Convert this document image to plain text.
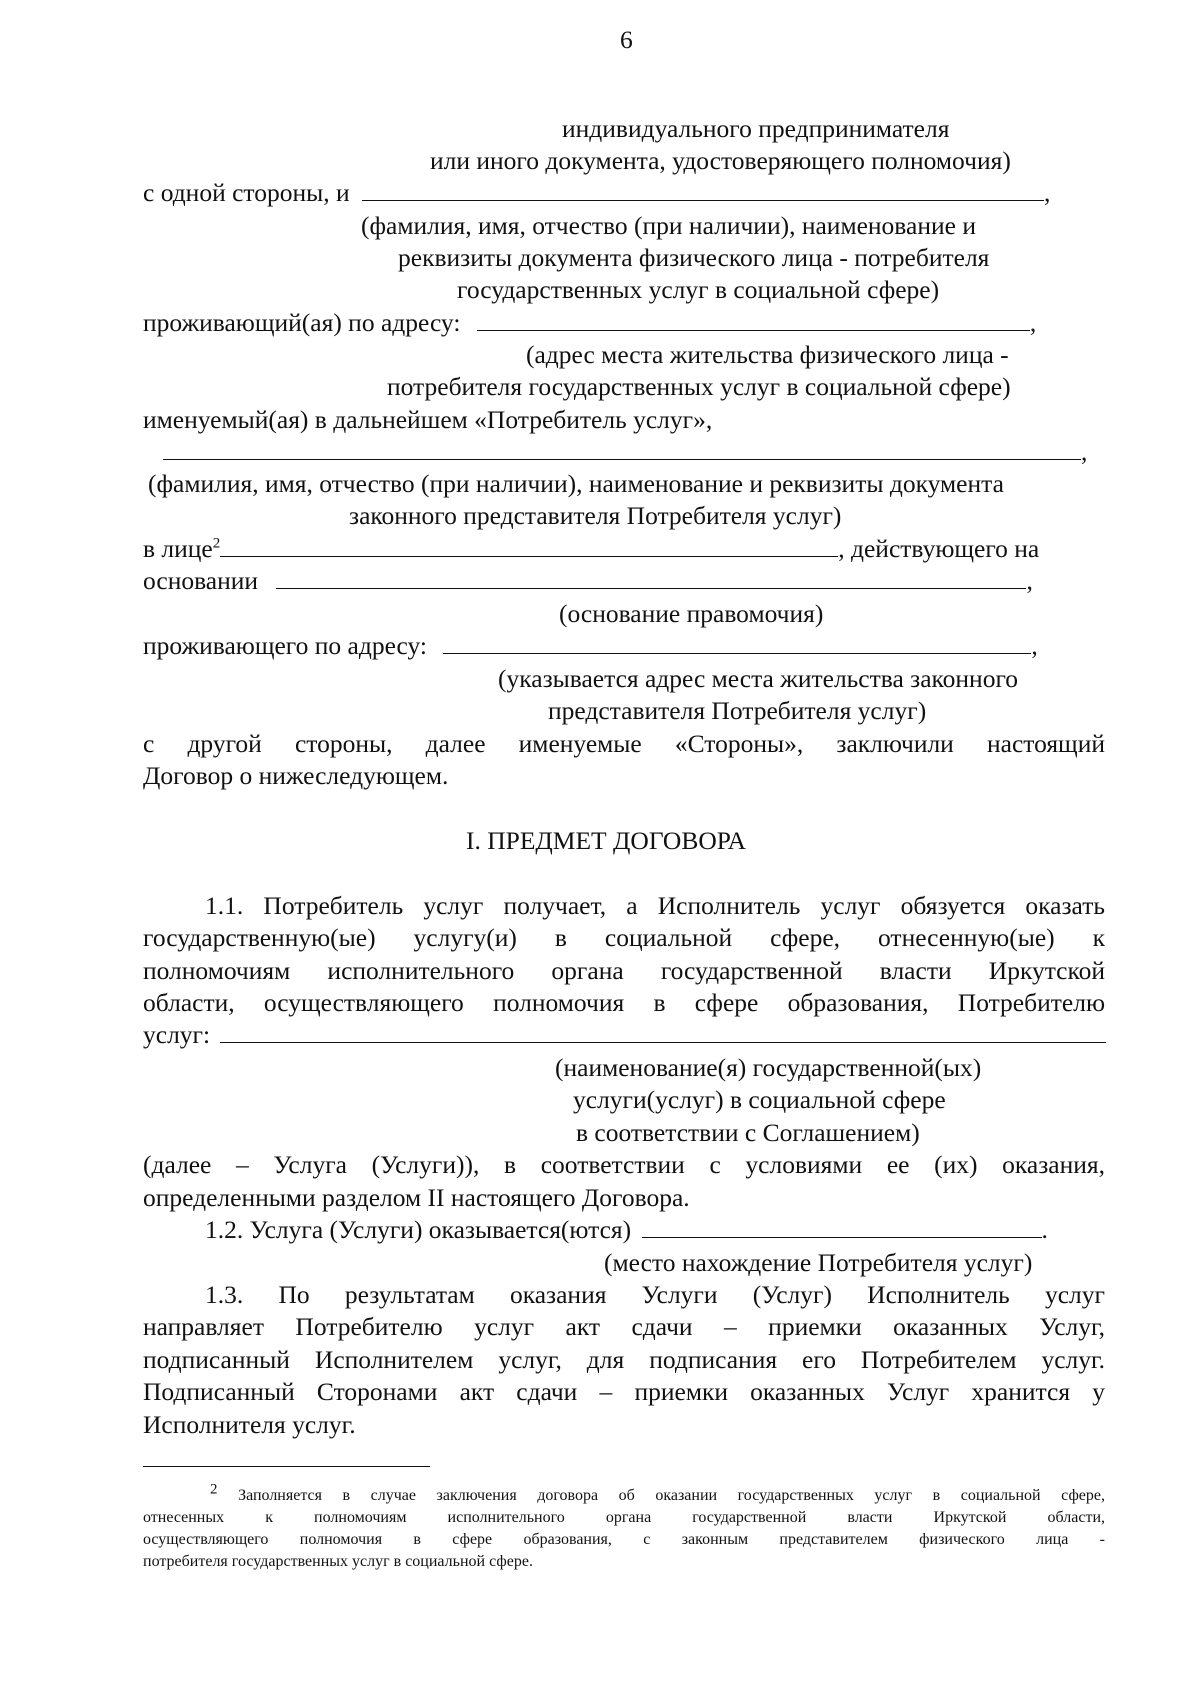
6
индивидуального предпринимателя
или иного документа, удостоверяющего полномочия)
с одной стороны, и	,
(фамилия, имя, отчество (при наличии), наименование и
реквизиты документа физического лица - потребителя
государственных услуг в социальной сфере)
проживающий(ая) по адресу:	,
(адрес места жительства физического лица -
потребителя государственных услуг в социальной сфере)
именуемый(ая) в дальнейшем «Потребитель услуг»,
,
(фамилия, имя, отчество (при наличии), наименование и реквизиты документа
законного представителя Потребителя услуг)
в лице$^2$	, действующего на
основании	,
(основание правомочия)
проживающего по адресу:	,
(указывается адрес места жительства законного
представителя Потребителя услуг)
с другой стороны, далее именуемые «Стороны», заключили настоящий
Договор о нижеследующем.
I. ПРЕДМЕТ ДОГОВОРА
1.1. Потребитель услуг получает, а Исполнитель услуг обязуется оказать
государственную(ые) услугу(и) в социальной сфере, отнесенную(ые) к
полномочиям исполнительного органа государственной власти Иркутской
области, осуществляющего полномочия в сфере образования, Потребителю
услуг:
(наименование(я) государственной(ых)
услуги(услуг) в социальной сфере
в соответствии с Соглашением)
(далее – Услуга (Услуги)), в соответствии с условиями ее (их) оказания,
определенными разделом II настоящего Договора.
1.2. Услуга (Услуги) оказывается(ются)	.
(место нахождение Потребителя услуг)
1.3. По результатам оказания Услуги (Услуг) Исполнитель услуг
направляет Потребителю услуг акт сдачи – приемки оказанных Услуг,
подписанный Исполнителем услуг, для подписания его Потребителем услуг.
Подписанный Сторонами акт сдачи – приемки оказанных Услуг хранится у
Исполнителя услуг.
$^2$ Заполняется в случае заключения договора об оказании государственных услуг в социальной сфере,
отнесенных к полномочиям исполнительного органа государственной власти Иркутской области,
осуществляющего полномочия в сфере образования, с законным представителем физического лица -
потребителя государственных услуг в социальной сфере.
